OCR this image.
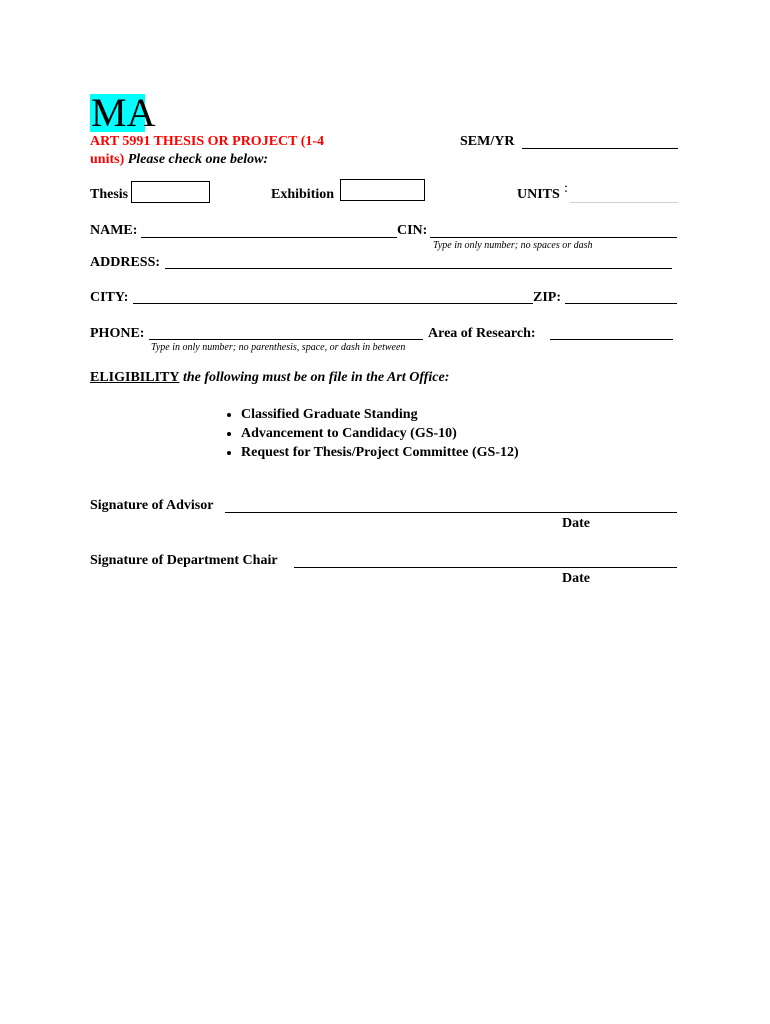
MA
ART 5991 THESIS OR PROJECT (1-4
units) Please check one below:
SEM/YR
Thesis	Exhibition	UNITS :
NAME:	CIN:
Type in only number; no spaces or dash
ADDRESS:
CITY:	ZIP:
PHONE:	Area of Research:
Type in only number; no parenthesis, space, or dash in between
ELIGIBILITY the following must be on file in the Art Office:
• Classified Graduate Standing
• Advancement to Candidacy (GS-10)
• Request for Thesis/Project Committee (GS-12)
Signature of Advisor
Date
Signature of Department Chair
Date
